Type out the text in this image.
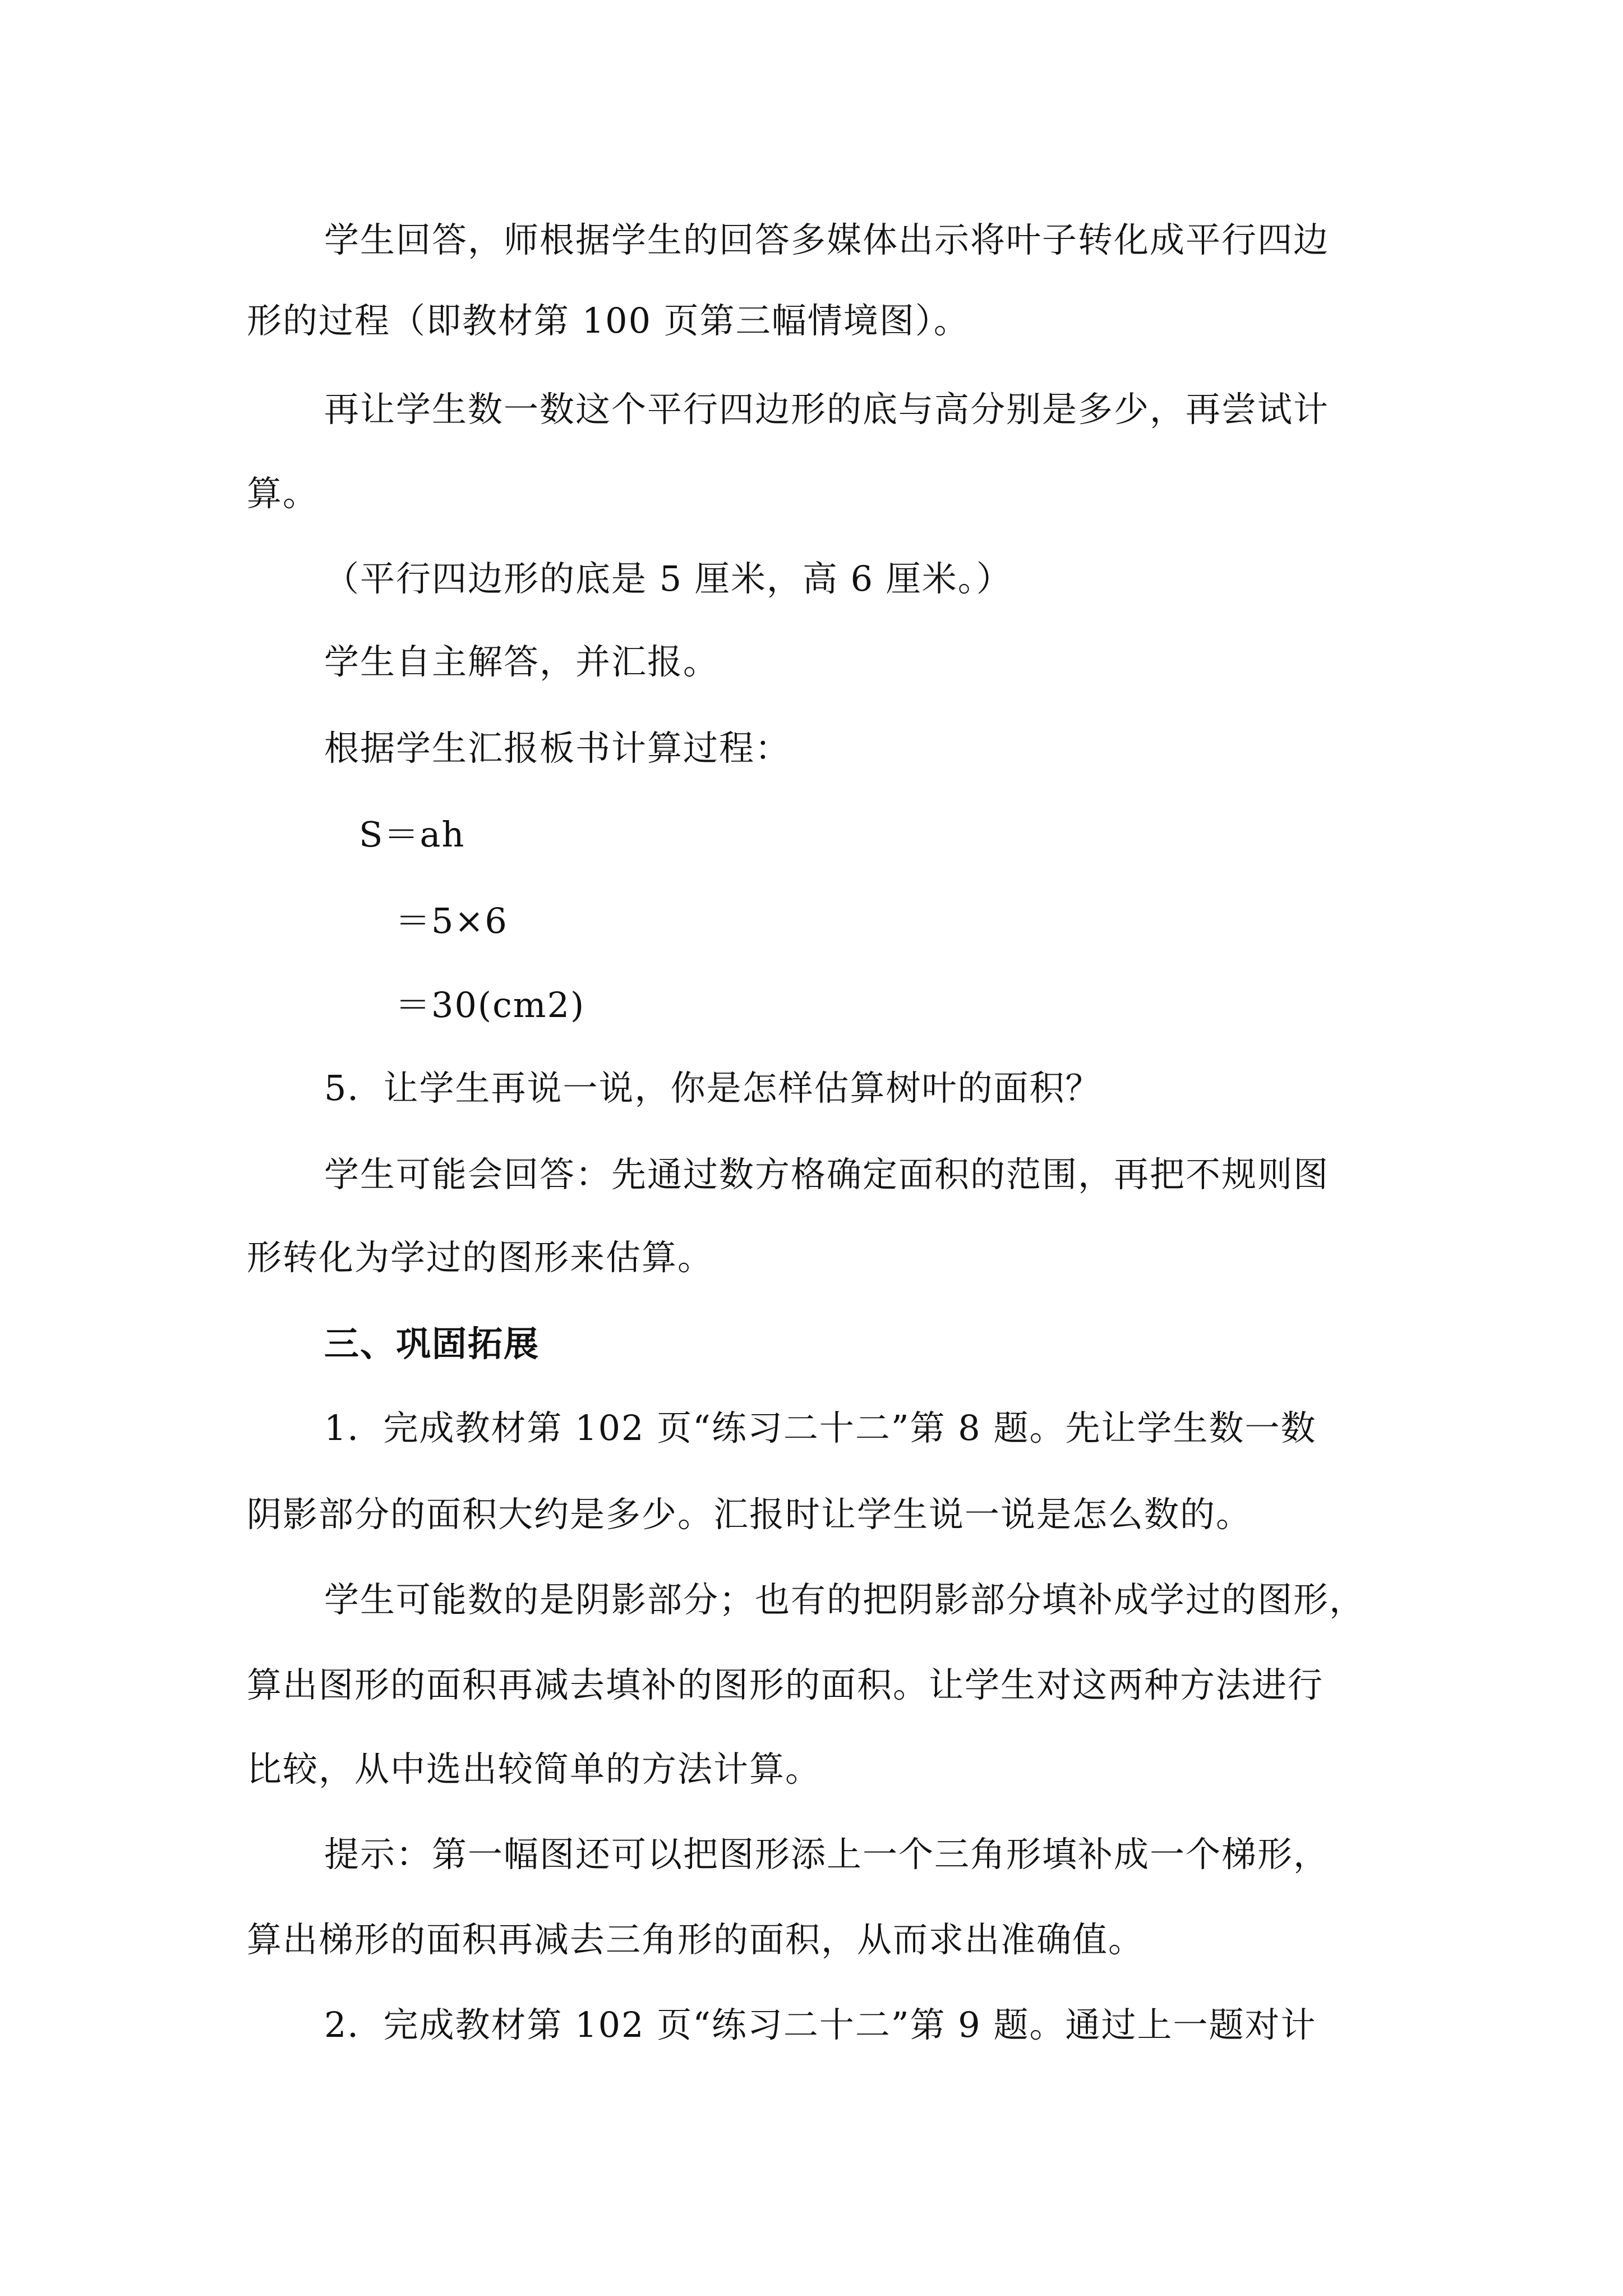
学生回答，师根据学生的回答多媒体出示将叶子转化成平行四边
形的过程（即教材第 100 页第三幅情境图）。
再让学生数一数这个平行四边形的底与高分别是多少，再尝试计
算。
（平行四边形的底是 5 厘米，高 6 厘米。）
学生自主解答，并汇报。
根据学生汇报板书计算过程：
S＝ah
＝5×6
＝30(cm2)
5．让学生再说一说，你是怎样估算树叶的面积？
学生可能会回答：先通过数方格确定面积的范围，再把不规则图
形转化为学过的图形来估算。
三、巩固拓展
1．完成教材第 102 页“练习二十二”第 8 题。先让学生数一数
阴影部分的面积大约是多少。汇报时让学生说一说是怎么数的。
学生可能数的是阴影部分；也有的把阴影部分填补成学过的图形，
算出图形的面积再减去填补的图形的面积。让学生对这两种方法进行
比较，从中选出较简单的方法计算。
提示：第一幅图还可以把图形添上一个三角形填补成一个梯形，
算出梯形的面积再减去三角形的面积，从而求出准确值。
2．完成教材第 102 页“练习二十二”第 9 题。通过上一题对计
